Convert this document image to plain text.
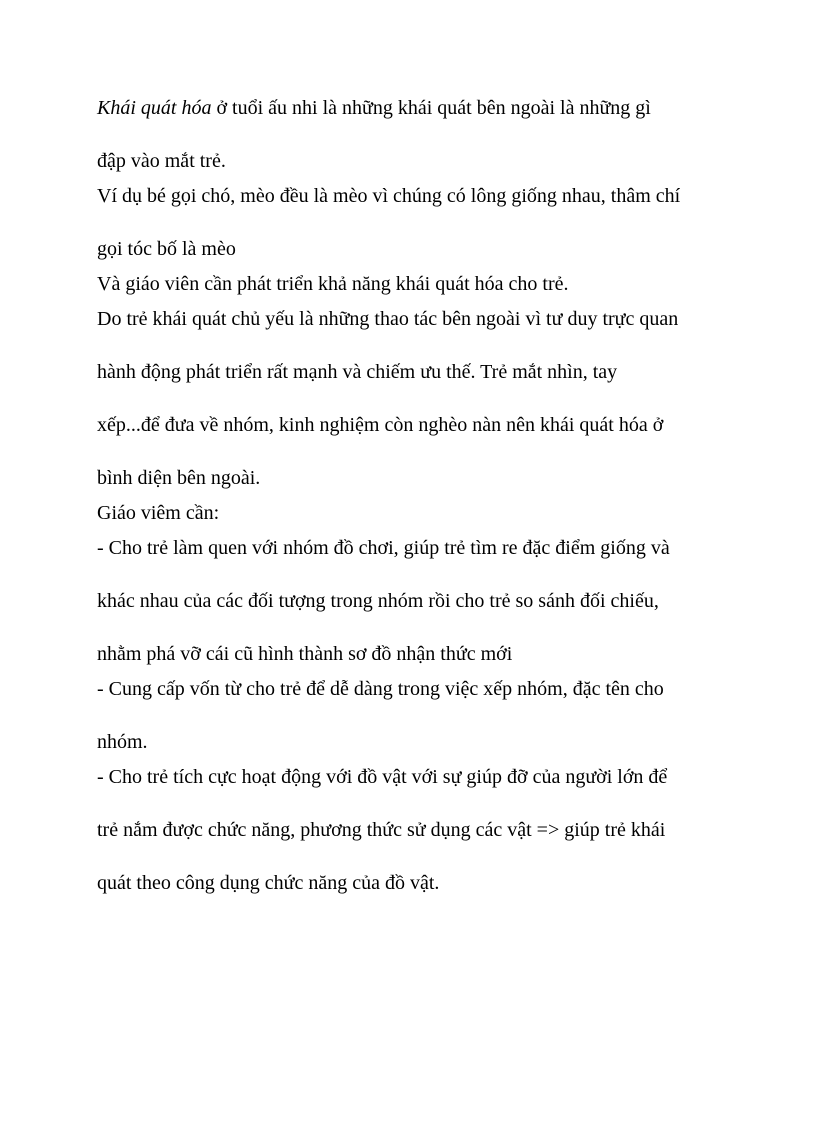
Khái quát hóa ở tuổi ấu nhi là những khái quát bên ngoài là những gì

đập vào mắt trẻ.

Ví dụ bé gọi chó, mèo đều là mèo vì chúng có lông giống nhau, thâm chí

gọi tóc bố là mèo

Và giáo viên cần phát triển khả năng khái quát hóa cho trẻ.

Do trẻ khái quát chủ yếu là những thao tác bên ngoài vì tư duy trực quan

hành động phát triển rất mạnh và chiếm ưu thế. Trẻ mắt nhìn, tay

xếp...để đưa về nhóm, kinh nghiệm còn nghèo nàn nên khái quát hóa ở

bình diện bên ngoài.

Giáo viêm cần:

- Cho trẻ làm quen với nhóm đồ chơi, giúp trẻ tìm re đặc điểm giống và

khác nhau của các đối tượng trong nhóm rồi cho trẻ so sánh đối chiếu,

nhằm phá vỡ cái cũ hình thành sơ đồ nhận thức mới

- Cung cấp vốn từ cho trẻ để dễ dàng trong việc xếp nhóm, đặc tên cho

nhóm.

- Cho trẻ tích cực hoạt động với đồ vật với sự giúp đỡ của người lớn để

trẻ nắm được chức năng, phương thức sử dụng các vật => giúp trẻ khái

quát theo công dụng chức năng của đồ vật.
